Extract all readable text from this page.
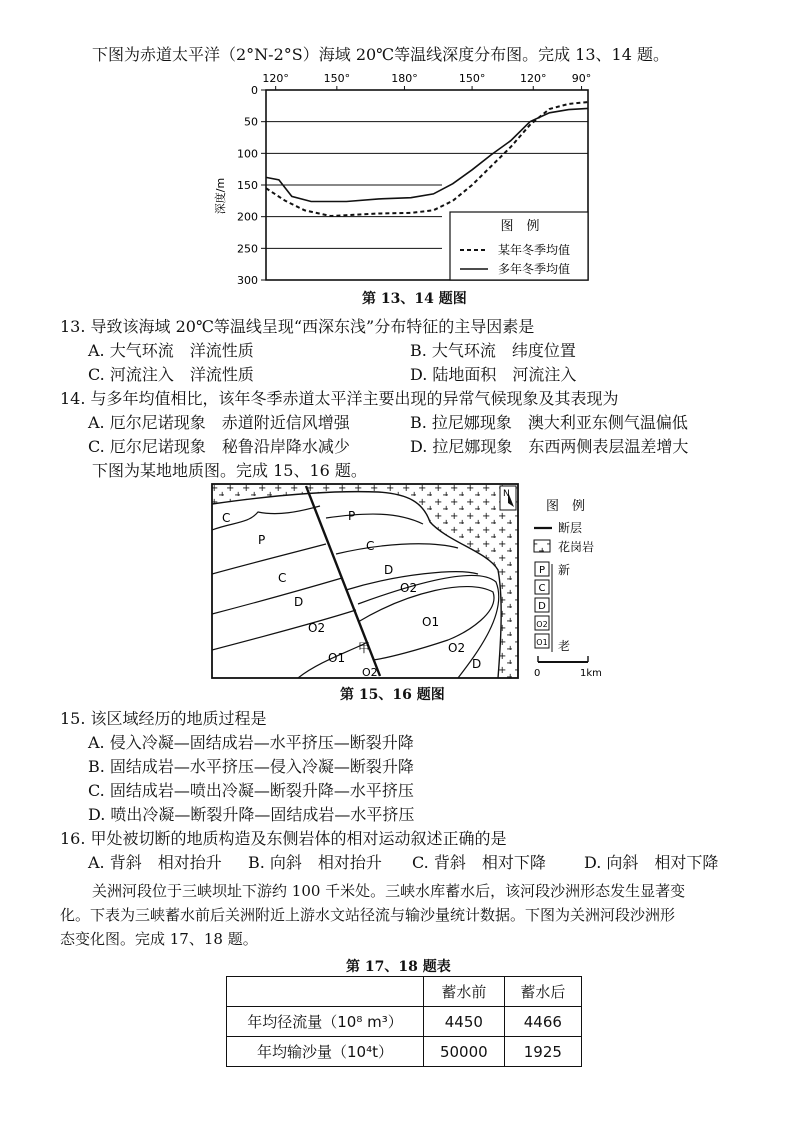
下图为赤道太平洋（2°N-2°S）海域 20℃等温线深度分布图。完成 13、14 题。
120°	150°	180°	150°	120° 90°
0
50
100
150
200
250
300
深度/m
图　例
某年冬季均值
多年冬季均值
第 13、14 题图
13. 导致该海域 20℃等温线呈现“西深东浅”分布特征的主导因素是
A. 大气环流　洋流性质	B. 大气环流　纬度位置
C. 河流注入　洋流性质	D. 陆地面积　河流注入
14. 与多年均值相比，该年冬季赤道太平洋主要出现的异常气候现象及其表现为
A. 厄尔尼诺现象　赤道附近信风增强	B. 拉尼娜现象　澳大利亚东侧气温偏低
C. 厄尔尼诺现象　秘鲁沿岸降水减少	D. 拉尼娜现象　东西两侧表层温差增大
下图为某地地质图。完成 15、16 题。
N
C	P
P	C
C
D
D
O2
O2	O1
O1
O2
D
甲
O2
图　例
断层
花岗岩
P
C
D
O2
O1
新
老
0	1km
第 15、16 题图
15. 该区域经历的地质过程是
A. 侵入冷凝—固结成岩—水平挤压—断裂升降
B. 固结成岩—水平挤压—侵入冷凝—断裂升降
C. 固结成岩—喷出冷凝—断裂升降—水平挤压
D. 喷出冷凝—断裂升降—固结成岩—水平挤压
16. 甲处被切断的地质构造及东侧岩体的相对运动叙述正确的是
A. 背斜　相对抬升 B. 向斜　相对抬升 C. 背斜　相对下降 D. 向斜　相对下降
关洲河段位于三峡坝址下游约 100 千米处。三峡水库蓄水后，该河段沙洲形态发生显著变
化。下表为三峡蓄水前后关洲附近上游水文站径流与输沙量统计数据。下图为关洲河段沙洲形
态变化图。完成 17、18 题。
第 17、18 题表
	蓄水前	蓄水后
年均径流量（10⁸ m³）	4450	4466
年均输沙量（10⁴t）	50000	1925
